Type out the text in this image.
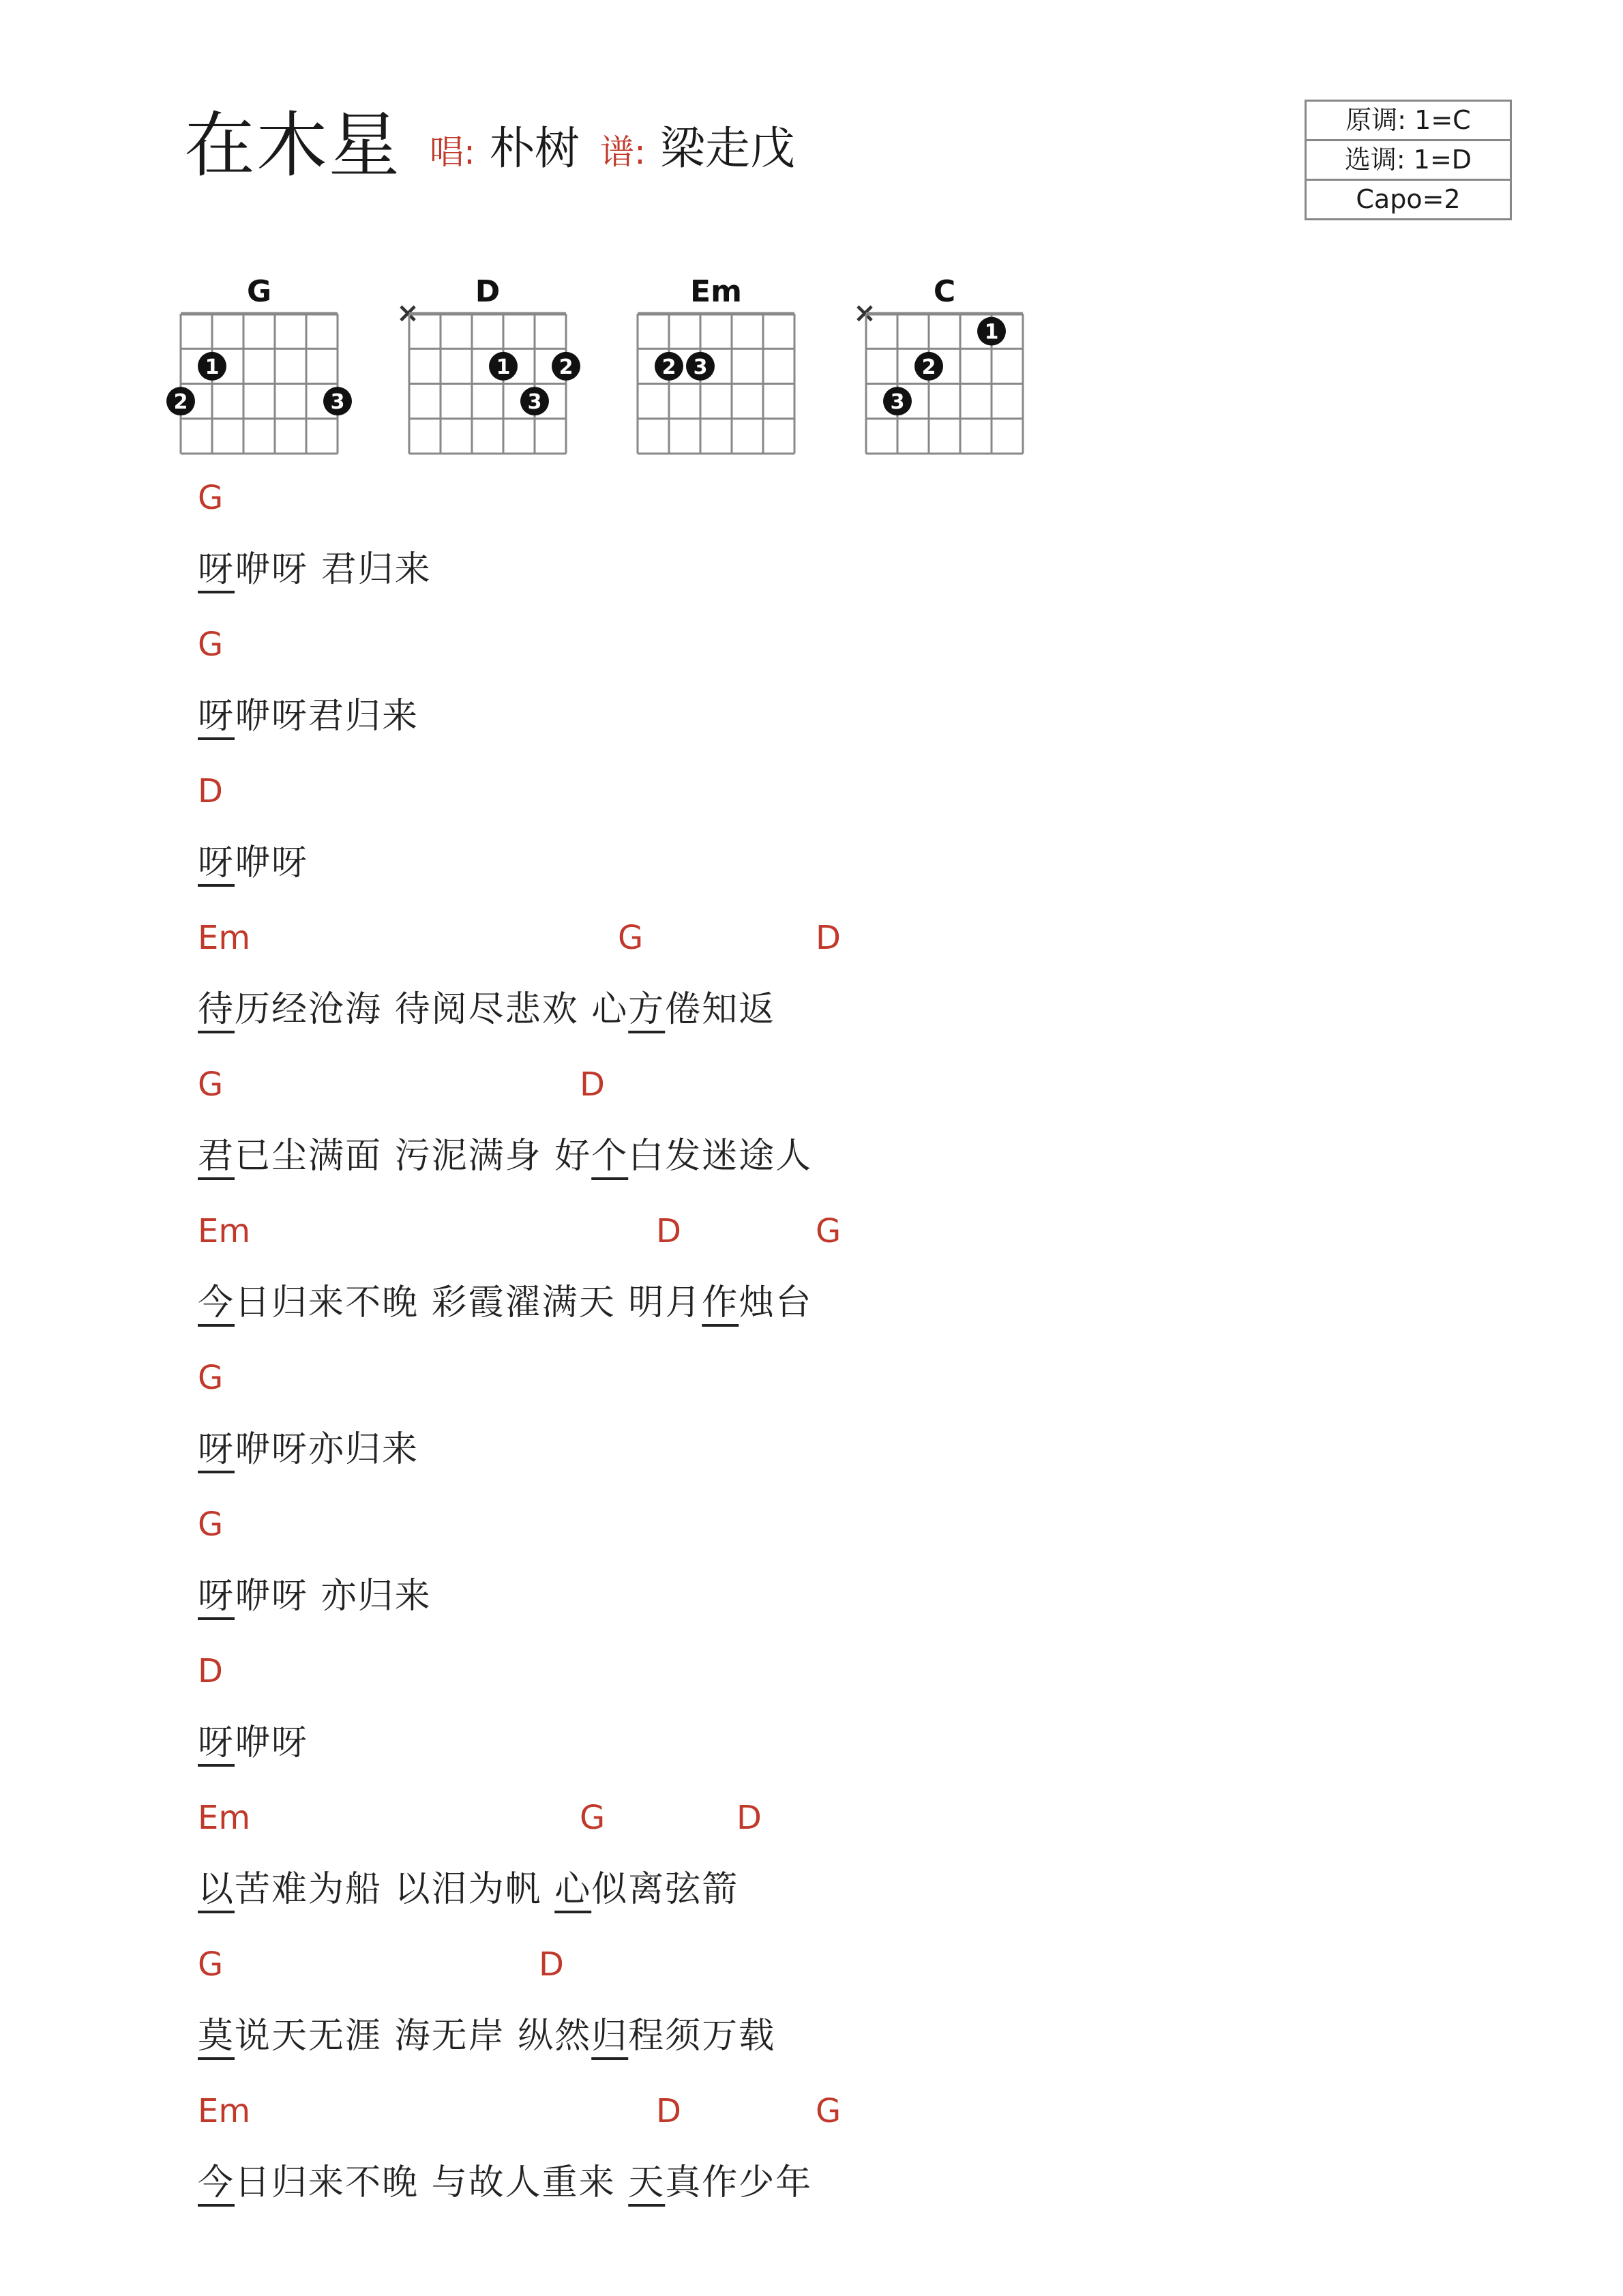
在木星 唱: 朴树 谱: 梁走戊
原调: 1=C
选调: 1=D
Capo=2
G
1
2	3
D
×
1 2
3
Em
2 3
C
×
1
2
3
G
呀咿呀 君归来
G
呀咿呀君归来
D
呀咿呀
Em	G	D
待历经沧海 待阅尽悲欢 心方倦知返
G	D
君已尘满面 污泥满身 好个白发迷途人
Em	D	G
今日归来不晚 彩霞濯满天 明月作烛台
G
呀咿呀亦归来
G
呀咿呀 亦归来
D
呀咿呀
Em	G	D
以苦难为船 以泪为帆 心似离弦箭
G	D
莫说天无涯 海无岸 纵然归程须万载
Em	D	G
今日归来不晚 与故人重来 天真作少年
